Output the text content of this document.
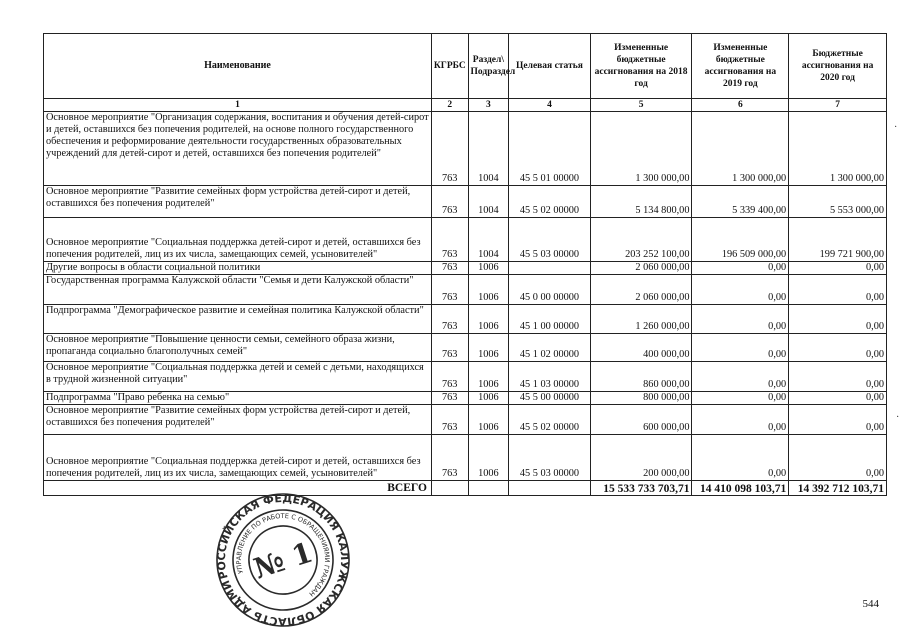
Наименование	КГРБС	Раздел\ Подраздел	Целевая статья	Измененные бюджетные ассигнования на 2018 год	Измененные бюджетные ассигнования на 2019 год	Бюджетные ассигнования на 2020 год
1	2	3	4	5	6	7
Основное мероприятие "Организация содержания, воспитания и обучения детей-сирот и детей, оставшихся без попечения родителей, на основе полного государственного обеспечения и реформирование деятельности государственных образовательных учреждений для детей-сирот и детей, оставшихся без попечения родителей"	763	1004	45 5 01 00000	1 300 000,00	1 300 000,00	1 300 000,00
Основное мероприятие "Развитие семейных форм устройства детей-сирот и детей, оставшихся без попечения родителей"	763	1004	45 5 02 00000	5 134 800,00	5 339 400,00	5 553 000,00
Основное мероприятие "Социальная поддержка детей-сирот и детей, оставшихся без попечения родителей, лиц из их числа, замещающих семей, усыновителей"	763	1004	45 5 03 00000	203 252 100,00	196 509 000,00	199 721 900,00
Другие вопросы в области социальной политики	763	1006		2 060 000,00	0,00	0,00
Государственная программа Калужской области "Семья и дети Калужской области"	763	1006	45 0 00 00000	2 060 000,00	0,00	0,00
Подпрограмма "Демографическое развитие и семейная политика Калужской области"	763	1006	45 1 00 00000	1 260 000,00	0,00	0,00
Основное мероприятие "Повышение ценности семьи, семейного образа жизни, пропаганда социально благополучных семей"	763	1006	45 1 02 00000	400 000,00	0,00	0,00
Основное мероприятие "Социальная поддержка детей и семей с детьми, находящихся в трудной жизненной ситуации"	763	1006	45 1 03 00000	860 000,00	0,00	0,00
Подпрограмма "Право ребенка на семью"	763	1006	45 5 00 00000	800 000,00	0,00	0,00
Основное мероприятие "Развитие семейных форм устройства детей-сирот и детей, оставшихся без попечения родителей"	763	1006	45 5 02 00000	600 000,00	0,00	0,00
Основное мероприятие "Социальная поддержка детей-сирот и детей, оставшихся без попечения родителей, лиц из их числа, замещающих семей, усыновителей"	763	1006	45 5 03 00000	200 000,00	0,00	0,00
ВСЕГО				15 533 733 703,71	14 410 098 103,71	14 392 712 103,71
·
·
РОССИЙСКАЯ ФЕДЕРАЦИЯ КАЛУЖСКАЯ ОБЛАСТЬ АДМИНИСТРАЦИЯ
УПРАВЛЕНИЕ ПО РАБОТЕ С ОБРАЩЕНИЯМИ ГРАЖДАН
№ 1
544
